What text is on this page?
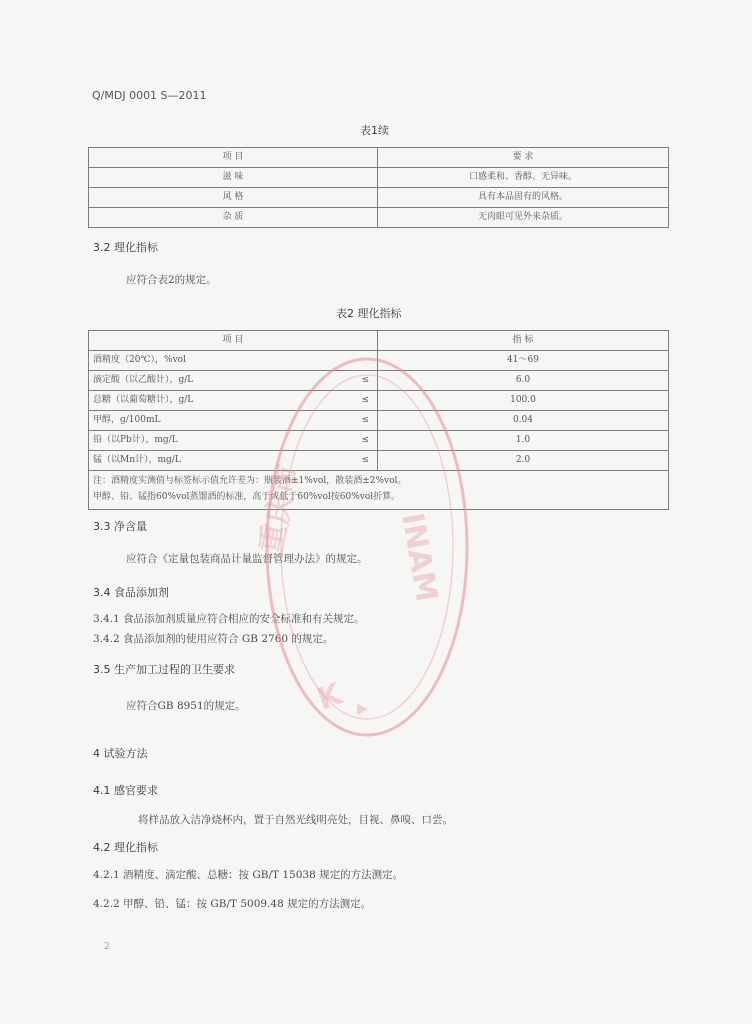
Q/MDJ 0001 S—2011
表1续
项 目	要 求
滋 味	口感柔和、香醇、无异味。
风 格	具有本品固有的风格。
杂 质	无肉眼可见外来杂质。
3.2 理化指标
应符合表2的规定。
表2 理化指标
项 目	指 标
酒精度（20℃），%vol	41～69
滴定酸（以乙酸计），g/L ≤	6.0
总糖（以葡萄糖计），g/L ≤	100.0
甲醇，g/100mL ≤	0.04
铅（以Pb计），mg/L ≤	1.0
锰（以Mn计），mg/L ≤	2.0

注：酒精度实测值与标签标示值允许差为：瓶装酒±1%vol，散装酒±2%vol。
甲醇、铅、锰指60%vol蒸馏酒的标准，高于或低于60%vol按60%vol折算。	
3.3 净含量
应符合《定量包装商品计量监督管理办法》的规定。
3.4 食品添加剂
3.4.1 食品添加剂质量应符合相应的安全标准和有关规定。
3.4.2 食品添加剂的使用应符合 GB 2760 的规定。
3.5 生产加工过程的卫生要求
应符合GB 8951的规定。
4 试验方法
4.1 感官要求
将样品放入洁净烧杯内，置于自然光线明亮处，目视、鼻嗅、口尝。
4.2 理化指标
4.2.1 酒精度、滴定酸、总糖：按 GB/T 15038 规定的方法测定。
4.2.2 甲醇、铅、锰：按 GB/T 5009.48 规定的方法测定。
2
重庆市
INAM
K ▸
